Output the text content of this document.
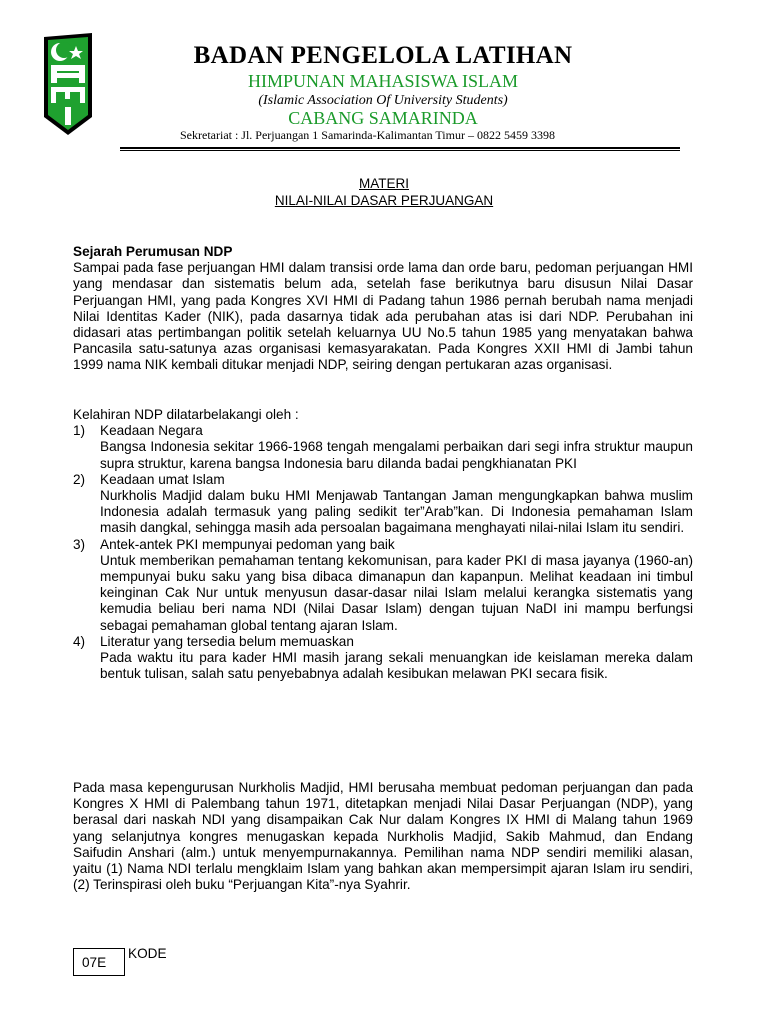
BADAN PENGELOLA LATIHAN
HIMPUNAN MAHASISWA ISLAM
(Islamic Association Of University Students)
CABANG SAMARINDA
Sekretariat : Jl. Perjuangan 1 Samarinda-Kalimantan Timur – 0822 5459 3398
MATERI
NILAI-NILAI DASAR PERJUANGAN

Sejarah Perumusan NDP

Sampai pada fase perjuangan HMI dalam transisi orde lama dan orde baru, pedoman perjuangan HMI yang mendasar dan sistematis belum ada, setelah fase berikutnya baru disusun Nilai Dasar Perjuangan HMI, yang pada Kongres XVI HMI di Padang tahun 1986 pernah berubah nama menjadi Nilai Identitas Kader (NIK), pada dasarnya tidak ada perubahan atas isi dari NDP. Perubahan ini didasari atas pertimbangan politik setelah keluarnya UU No.5 tahun 1985 yang menyatakan bahwa Pancasila satu-satunya azas organisasi kemasyarakatan. Pada Kongres XXII HMI di Jambi tahun 1999 nama NIK kembali ditukar menjadi NDP, seiring dengan pertukaran azas organisasi.

Kelahiran NDP dilatarbelakangi oleh :

1) Keadaan Negara

Bangsa Indonesia sekitar 1966-1968 tengah mengalami perbaikan dari segi infra struktur maupun supra struktur, karena bangsa Indonesia baru dilanda badai pengkhianatan PKI

2) Keadaan umat Islam

Nurkholis Madjid dalam buku HMI Menjawab Tantangan Jaman mengungkapkan bahwa muslim Indonesia adalah termasuk yang paling sedikit ter”Arab”kan. Di Indonesia pemahaman Islam masih dangkal, sehingga masih ada persoalan bagaimana menghayati nilai-nilai Islam itu sendiri.

3) Antek-antek PKI mempunyai pedoman yang baik

Untuk memberikan pemahaman tentang kekomunisan, para kader PKI di masa jayanya (1960-an) mempunyai buku saku yang bisa dibaca dimanapun dan kapanpun. Melihat keadaan ini timbul keinginan Cak Nur untuk menyusun dasar-dasar nilai Islam melalui kerangka sistematis yang kemudia beliau beri nama NDI (Nilai Dasar Islam) dengan tujuan NaDI ini mampu berfungsi sebagai pemahaman global tentang ajaran Islam.

4) Literatur yang tersedia belum memuaskan

Pada waktu itu para kader HMI masih jarang sekali menuangkan ide keislaman mereka dalam bentuk tulisan, salah satu penyebabnya adalah kesibukan melawan PKI secara fisik.

Pada masa kepengurusan Nurkholis Madjid, HMI berusaha membuat pedoman perjuangan dan pada Kongres X HMI di Palembang tahun 1971, ditetapkan menjadi Nilai Dasar Perjuangan (NDP), yang berasal dari naskah NDI yang disampaikan Cak Nur dalam Kongres IX HMI di Malang tahun 1969 yang selanjutnya kongres menugaskan kepada Nurkholis Madjid, Sakib Mahmud, dan Endang Saifudin Anshari (alm.) untuk menyempurnakannya. Pemilihan nama NDP sendiri memiliki alasan, yaitu (1) Nama NDI terlalu mengklaim Islam yang bahkan akan mempersimpit ajaran Islam iru sendiri, (2) Terinspirasi oleh buku “Perjuangan Kita”-nya Syahrir.

07E
KODE
